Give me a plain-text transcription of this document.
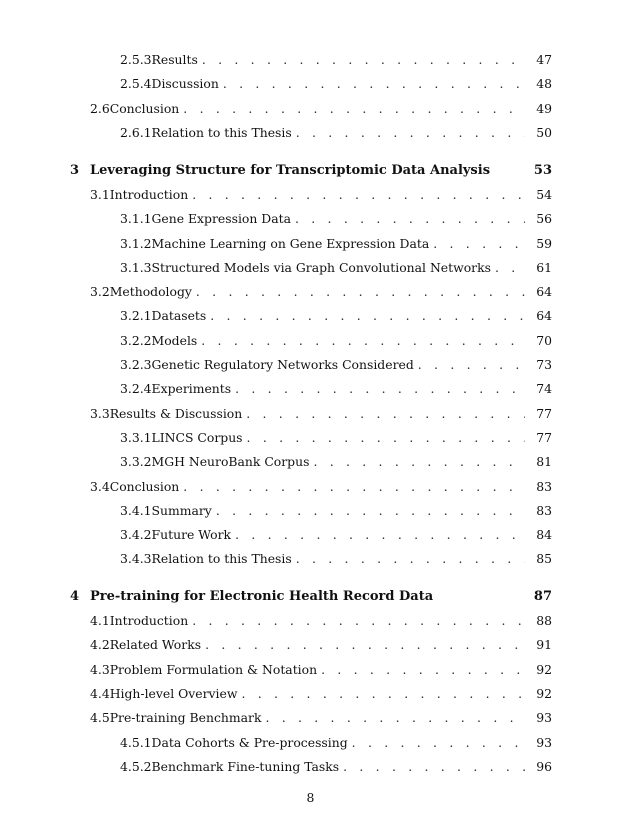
2.5.3 Results . . .	47
2.5.4 Discussion . . .	48
2.6 Conclusion . . .	49
2.6.1 Relation to this Thesis . . .	50
3 Leveraging Structure for Transcriptomic Data Analysis	53
3.1 Introduction . . .	54
3.1.1 Gene Expression Data . . .	56
3.1.2 Machine Learning on Gene Expression Data . . .	59
3.1.3 Structured Models via Graph Convolutional Networks . . .	61
3.2 Methodology . . .	64
3.2.1 Datasets . . .	64
3.2.2 Models . . .	70
3.2.3 Genetic Regulatory Networks Considered . . .	73
3.2.4 Experiments . . .	74
3.3 Results & Discussion . . .	77
3.3.1 LINCS Corpus . . .	77
3.3.2 MGH NeuroBank Corpus . . .	81
3.4 Conclusion . . .	83
3.4.1 Summary . . .	83
3.4.2 Future Work . . .	84
3.4.3 Relation to this Thesis . . .	85
4 Pre-training for Electronic Health Record Data	87
4.1 Introduction . . .	88
4.2 Related Works . . .	91
4.3 Problem Formulation & Notation . . .	92
4.4 High-level Overview . . .	92
4.5 Pre-training Benchmark . . .	93
4.5.1 Data Cohorts & Pre-processing . . .	93
4.5.2 Benchmark Fine-tuning Tasks . . .	96
8
